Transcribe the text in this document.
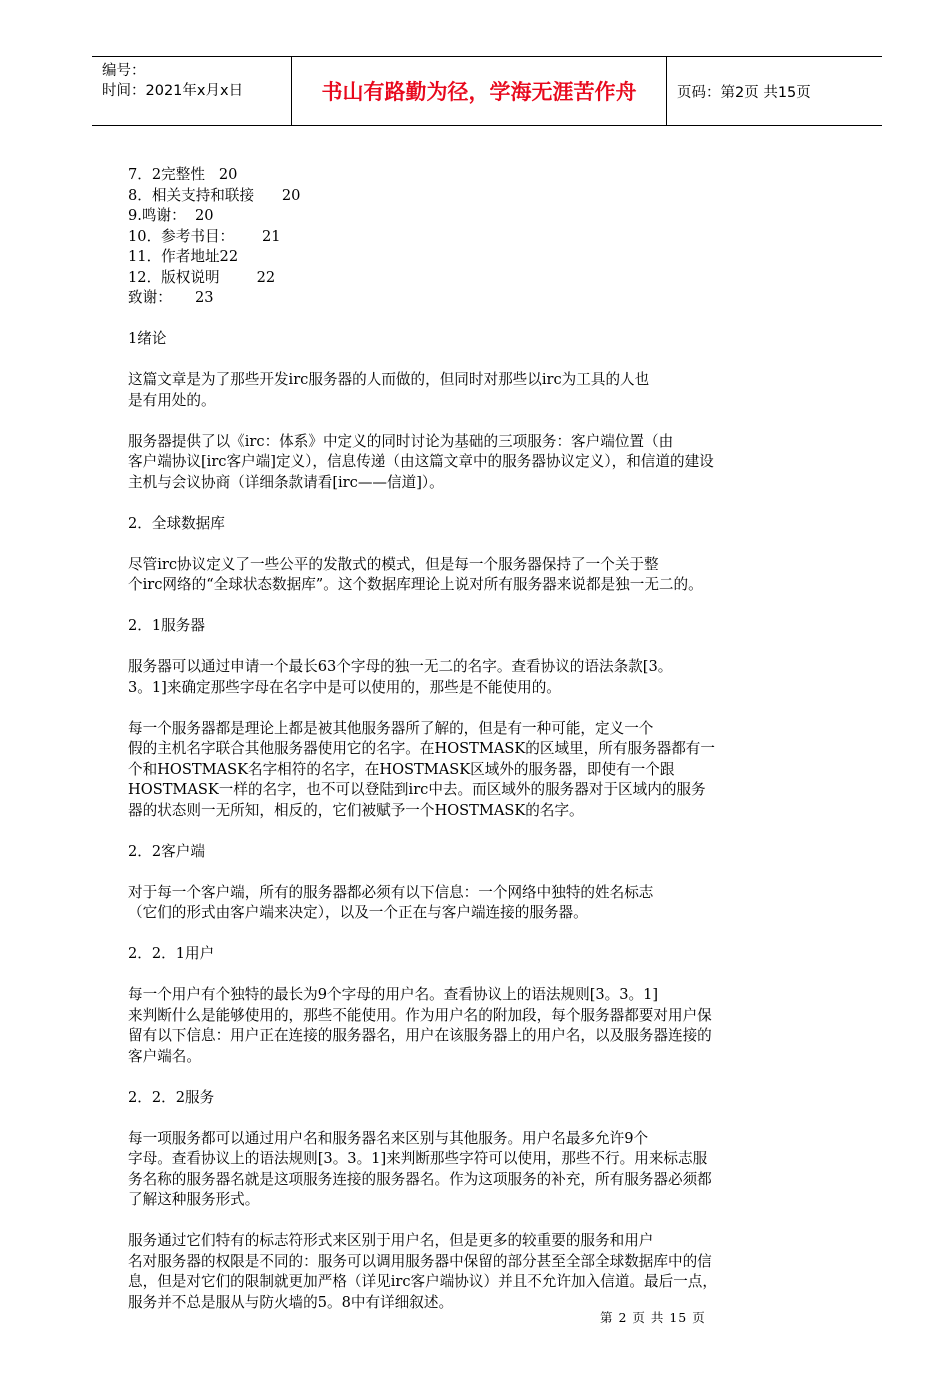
编号：
时间：2021年x月x日	书山有路勤为径，学海无涯苦作舟	页码：第2页 共15页
7．2完整性   20
8．相关支持和联接      20
9.鸣谢：  20
10．参考书目：      21
11．作者地址22
12．版权说明        22
致谢：     23
1绪论
这篇文章是为了那些开发irc服务器的人而做的，但同时对那些以irc为工具的人也
是有用处的。
服务器提供了以《irc：体系》中定义的同时讨论为基础的三项服务：客户端位置（由
客户端协议[irc客户端]定义），信息传递（由这篇文章中的服务器协议定义），和信道的建设
主机与会议协商（详细条款请看[irc——信道]）。
2．全球数据库
尽管irc协议定义了一些公平的发散式的模式，但是每一个服务器保持了一个关于整
个irc网络的“全球状态数据库”。这个数据库理论上说对所有服务器来说都是独一无二的。
2．1服务器
服务器可以通过申请一个最长63个字母的独一无二的名字。查看协议的语法条款[3。
3。1]来确定那些字母在名字中是可以使用的，那些是不能使用的。
每一个服务器都是理论上都是被其他服务器所了解的，但是有一种可能，定义一个
假的主机名字联合其他服务器使用它的名字。在HOSTMASK的区域里，所有服务器都有一
个和HOSTMASK名字相符的名字，在HOSTMASK区域外的服务器，即使有一个跟
HOSTMASK一样的名字，也不可以登陆到irc中去。而区域外的服务器对于区域内的服务
器的状态则一无所知，相反的，它们被赋予一个HOSTMASK的名字。
2．2客户端
对于每一个客户端，所有的服务器都必须有以下信息：一个网络中独特的姓名标志
（它们的形式由客户端来决定），以及一个正在与客户端连接的服务器。
2．2．1用户
每一个用户有个独特的最长为9个字母的用户名。查看协议上的语法规则[3。3。1]
来判断什么是能够使用的，那些不能使用。作为用户名的附加段，每个服务器都要对用户保
留有以下信息：用户正在连接的服务器名，用户在该服务器上的用户名，以及服务器连接的
客户端名。
2．2．2服务
每一项服务都可以通过用户名和服务器名来区别与其他服务。用户名最多允许9个
字母。查看协议上的语法规则[3。3。1]来判断那些字符可以使用，那些不行。用来标志服
务名称的服务器名就是这项服务连接的服务器名。作为这项服务的补充，所有服务器必须都
了解这种服务形式。
服务通过它们特有的标志符形式来区别于用户名，但是更多的较重要的服务和用户
名对服务器的权限是不同的：服务可以调用服务器中保留的部分甚至全部全球数据库中的信
息，但是对它们的限制就更加严格（详见irc客户端协议）并且不允许加入信道。最后一点，
服务并不总是服从与防火墙的5。8中有详细叙述。
第 2 页 共 15 页
